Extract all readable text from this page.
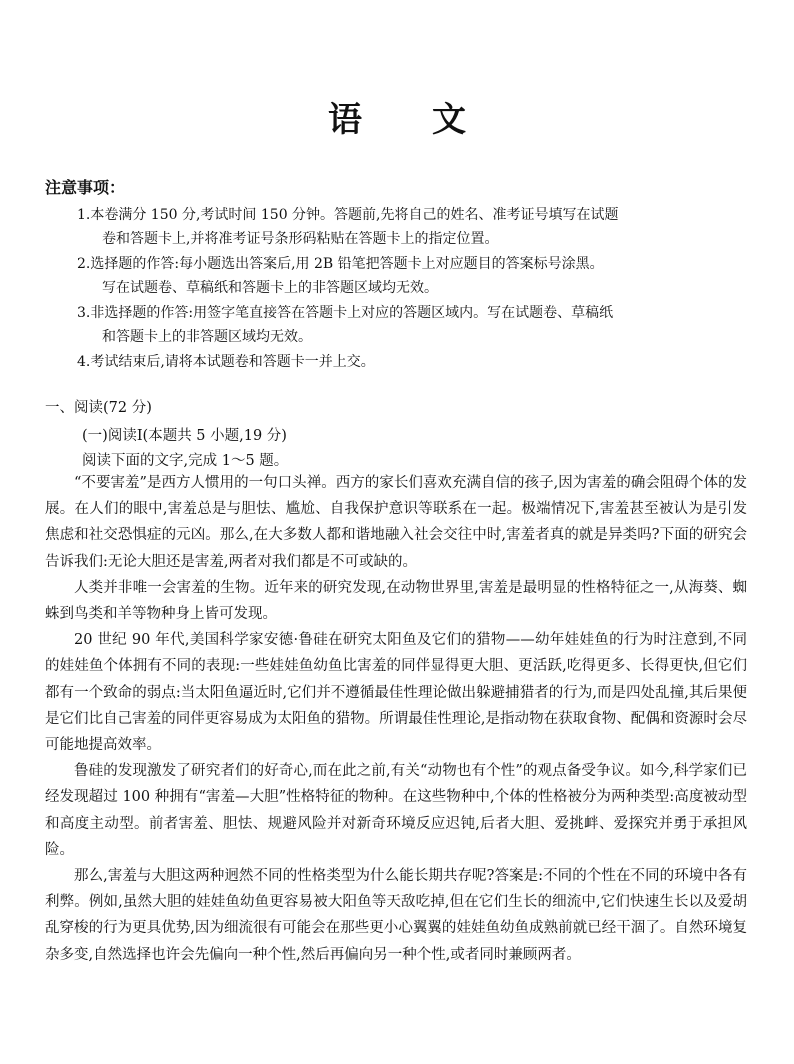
语 文
注意事项：
1.本卷满分 150 分,考试时间 150 分钟。答题前,先将自己的姓名、准考证号填写在试题
卷和答题卡上,并将准考证号条形码粘贴在答题卡上的指定位置。
2.选择题的作答:每小题选出答案后,用 2B 铅笔把答题卡上对应题目的答案标号涂黑。
写在试题卷、草稿纸和答题卡上的非答题区域均无效。
3.非选择题的作答:用签字笔直接答在答题卡上对应的答题区域内。写在试题卷、草稿纸
和答题卡上的非答题区域均无效。
4.考试结束后,请将本试题卷和答题卡一并上交。
一、阅读(72 分)
(一)阅读Ⅰ(本题共 5 小题,19 分)
阅读下面的文字,完成 1～5 题。

“不要害羞”是西方人惯用的一句口头禅。西方的家长们喜欢充满自信的孩子,因为害羞的确会阻碍个体的发展。在人们的眼中,害羞总是与胆怯、尴尬、自我保护意识等联系在一起。极端情况下,害羞甚至被认为是引发焦虑和社交恐惧症的元凶。那么,在大多数人都和谐地融入社会交往中时,害羞者真的就是异类吗?下面的研究会告诉我们:无论大胆还是害羞,两者对我们都是不可或缺的。

人类并非唯一会害羞的生物。近年来的研究发现,在动物世界里,害羞是最明显的性格特征之一,从海葵、蜘蛛到鸟类和羊等物种身上皆可发现。

20 世纪 90 年代,美国科学家安德·鲁硅在研究太阳鱼及它们的猎物——幼年娃娃鱼的行为时注意到,不同的娃娃鱼个体拥有不同的表现:一些娃娃鱼幼鱼比害羞的同伴显得更大胆、更活跃,吃得更多、长得更快,但它们都有一个致命的弱点:当太阳鱼逼近时,它们并不遵循最佳性理论做出躲避捕猎者的行为,而是四处乱撞,其后果便是它们比自己害羞的同伴更容易成为太阳鱼的猎物。所谓最佳性理论,是指动物在获取食物、配偶和资源时会尽可能地提高效率。

鲁硅的发现激发了研究者们的好奇心,而在此之前,有关“动物也有个性”的观点备受争议。如今,科学家们已经发现超过 100 种拥有“害羞—大胆”性格特征的物种。在这些物种中,个体的性格被分为两种类型:高度被动型和高度主动型。前者害羞、胆怯、规避风险并对新奇环境反应迟钝,后者大胆、爱挑衅、爱探究并勇于承担风险。

那么,害羞与大胆这两种迥然不同的性格类型为什么能长期共存呢?答案是:不同的个性在不同的环境中各有利弊。例如,虽然大胆的娃娃鱼幼鱼更容易被大阳鱼等天敌吃掉,但在它们生长的细流中,它们快速生长以及爱胡乱穿梭的行为更具优势,因为细流很有可能会在那些更小心翼翼的娃娃鱼幼鱼成熟前就已经干涸了。自然环境复杂多变,自然选择也许会先偏向一种个性,然后再偏向另一种个性,或者同时兼顾两者。
